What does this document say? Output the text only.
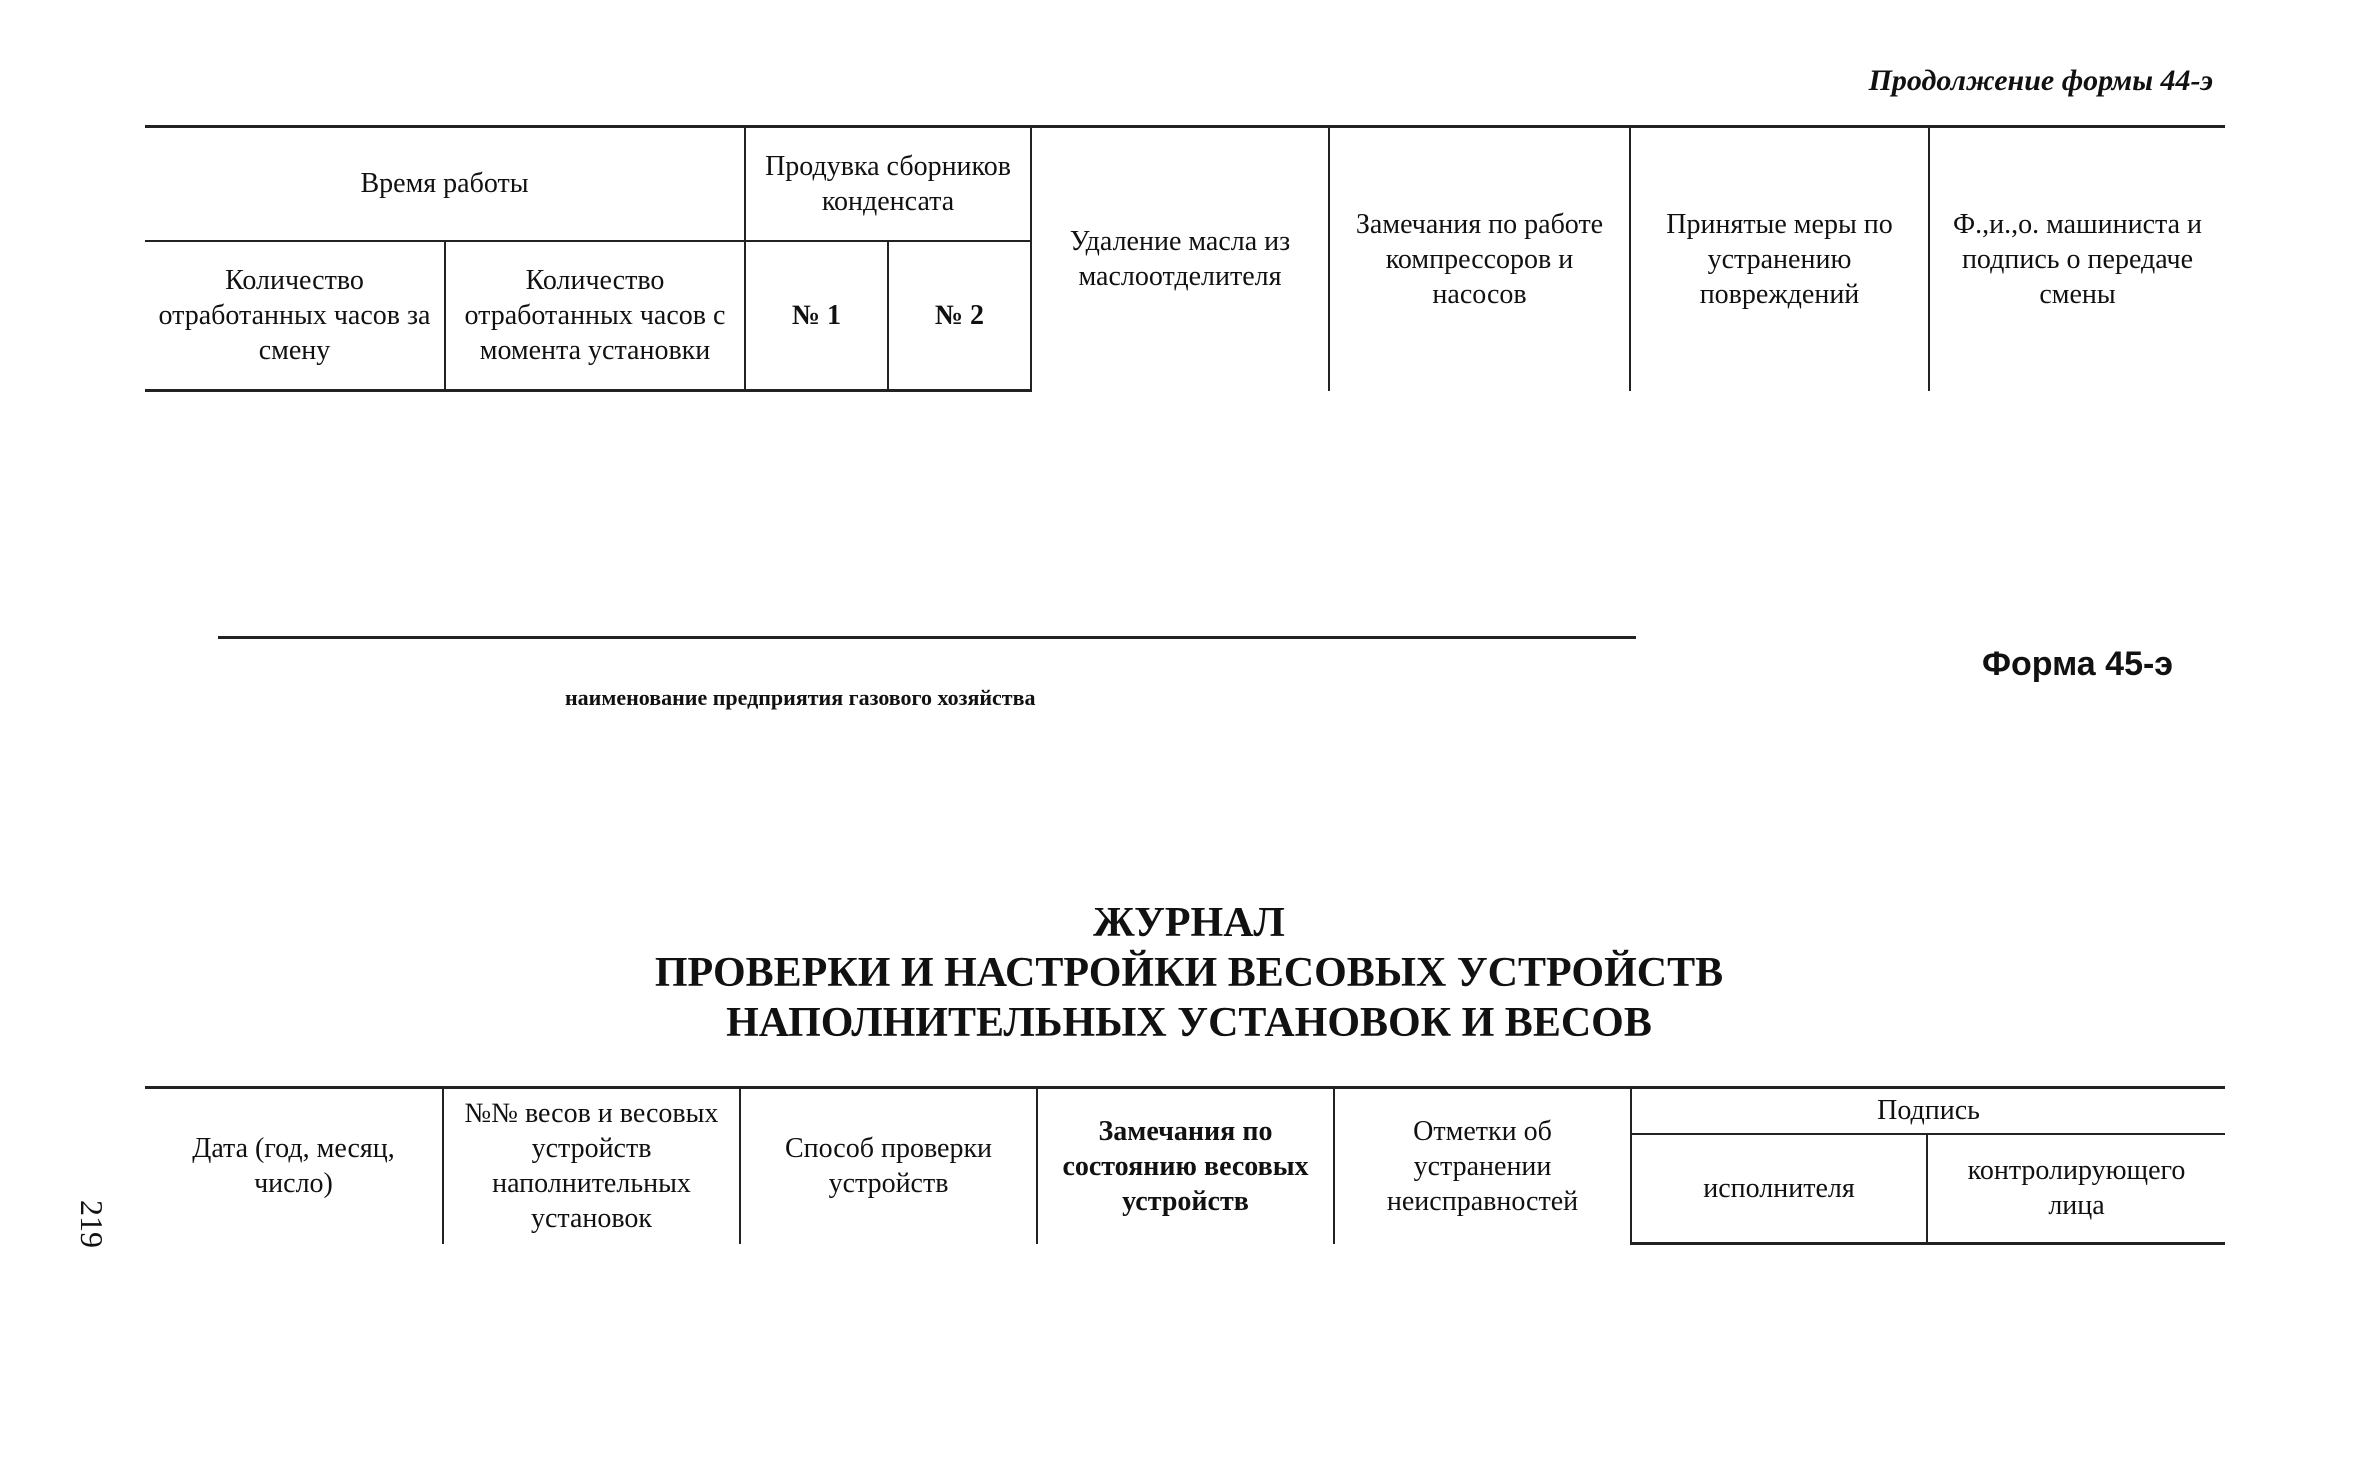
Продолжение формы 44-э
Время работы		Продувка сборников конденсата		Удаление масла из маслоотделителя	Замечания по работе компрессоров и насосов	Принятые меры по устранению повреждений	Ф.,и.,о. машиниста и подпись о передаче смены
Количество отработанных часов за смену	Количество отработанных часов с момента установки	№ 1	№ 2				
наименование предприятия газового хозяйства
Форма 45-э
ЖУРНАЛ
ПРОВЕРКИ И НАСТРОЙКИ ВЕСОВЫХ УСТРОЙСТВ
НАПОЛНИТЕЛЬНЫХ УСТАНОВОК И ВЕСОВ
Дата (год, месяц, число)	№№ весов и весовых устройств наполнительных установок	Способ проверки устройств	Замечания по состоянию весовых устройств	Отметки об устранении неисправностей	Подпись	
					исполнителя	контролирующего лица
219
